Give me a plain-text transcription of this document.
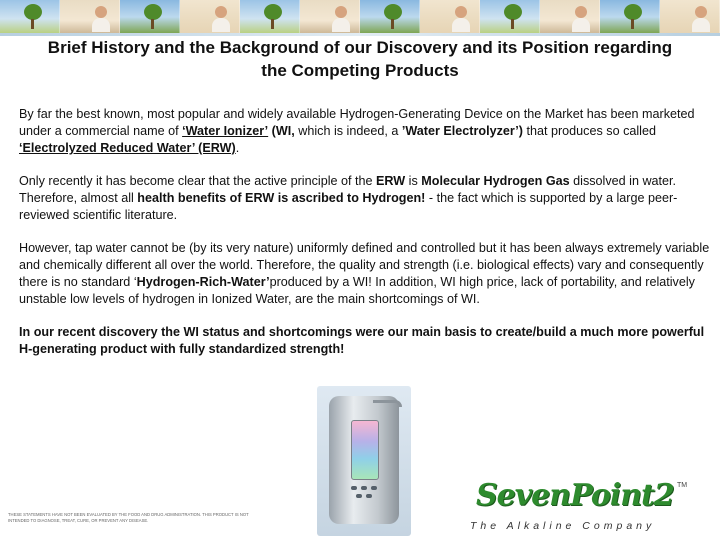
Brief History and the Background of our Discovery and its Position regarding the Competing Products

By far the best known, most popular and widely available Hydrogen-Generating Device on the Market has been marketed under a commercial name of ‘Water Ionizer’ (WI, which is indeed, a ’Water Electrolyzer’) that produces so called ‘Electrolyzed Reduced Water’ (ERW).

Only recently it has become clear that the active principle of the ERW is Molecular Hydrogen Gas dissolved in water. Therefore, almost all health benefits of ERW is ascribed to Hydrogen! - the fact which is supported by a large peer-reviewed scientific literature.

However, tap water cannot be (by its very nature) uniformly defined and controlled but it has been always extremely variable and chemically different all over the world. Therefore, the quality and strength (i.e. biological effects) vary and consequently there is no standard ‘Hydrogen-Rich-Water’produced by a WI! In addition, WI high price, lack of portability, and relatively unstable low levels of hydrogen in Ionized Water, are the main shortcomings of WI.

In our recent discovery the WI status and shortcomings were our main basis to create/build a much more powerful H-generating product with fully standardized strength!

SevenPoint2 TM
The Alkaline Company
THESE STATEMENTS HAVE NOT BEEN EVALUATED BY THE FOOD AND DRUG ADMINISTRATION. THIS PRODUCT IS NOT INTENDED TO DIAGNOSE, TREAT, CURE, OR PREVENT ANY DISEASE.
